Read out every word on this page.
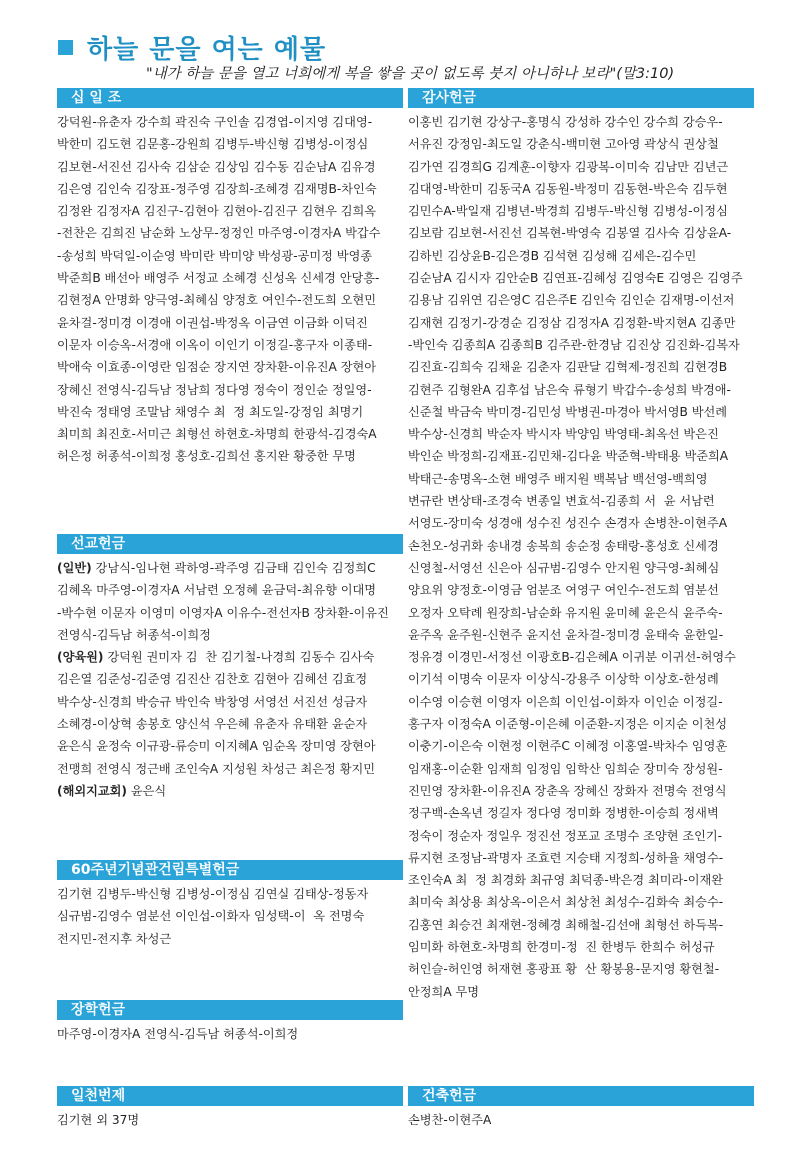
하늘 문을 여는 예물
"내가 하늘 문을 열고 너희에게 복을 쌓을 곳이 없도록 붓지 아니하나 보라"(말3:10)
십 일 조
강덕원-유춘자 강수희 곽진숙 구인솔 김경엽-이지영 김대영-
박한미 김도현 김문홍-강원희 김병두-박신형 김병성-이정심
김보현-서진선 김사숙 김삼순 김상임 김수동 김순남A 김유경
김은영 김인숙 김장표-정주영 김장희-조혜경 김재명B-차인숙
김정완 김정자A 김진구-김현아 김현아-김진구 김현우 김희옥
-전찬은 김희진 남순화 노상무-정정인 마주영-이경자A 박갑수
-송성희 박덕일-이순영 박미란 박미양 박성광-공미정 박영종
박준희B 배선아 배영주 서정교 소혜경 신성옥 신세경 안당흥-
김현정A 안명화 양극영-최혜심 양정호 여인수-전도희 오현민
윤차걸-정미경 이경애 이권섭-박정옥 이금연 이금화 이덕진
이문자 이승옥-서경애 이옥이 이인기 이정길-홍구자 이종태-
박애숙 이효종-이영란 임점순 장지연 장차환-이유진A 장현아
장혜신 전영식-김득남 정남희 정다영 정숙이 정인순 정일영-
박진숙 정태영 조말남 채영수 최  정 최도일-강정임 최명기
최미희 최진호-서미근 최형선 하현호-차명희 한광석-김경숙A
허은정 허종석-이희정 홍성호-김희선 홍지완 황중한 무명
선교헌금
(일반) 강남식-임나현 곽하영-곽주영 김금태 김인숙 김정희C
김혜옥 마주영-이경자A 서남련 오정혜 윤금덕-최유향 이대명
-박수현 이문자 이영미 이영자A 이유수-전선자B 장차환-이유진
전영식-김득남 허종석-이희정
(양육원) 강덕원 권미자 김  찬 김기철-나경희 김동수 김사숙
김은열 김준성-김준영 김진산 김찬호 김현아 김혜선 김효정
박수상-신경희 박승규 박인숙 박창영 서영선 서진선 성금자
소혜경-이상혁 송봉호 양신석 우은혜 유춘자 유태환 윤순자
윤은식 윤정숙 이규광-류승미 이지혜A 임순옥 장미영 장현아
전맹희 전영식 정근배 조인숙A 지성원 차성근 최은정 황지민
(해외지교회) 윤은식
60주년기념관건립특별헌금
김기현 김병두-박신형 김병성-이정심 김연실 김태상-정동자
심규범-김영수 염분선 이인섭-이화자 임성택-이  옥 전명숙
전지민-전지후 차성근
장학헌금
마주영-이경자A 전영식-김득남 허종석-이희정
일천번제
김기현 외 37명
감사헌금
이홍빈 김기현 강상구-홍명식 강성하 강수인 강수희 강승우-
서유진 강정임-최도일 강춘식-백미현 고아영 곽상식 권상철
김가연 김경희G 김계훈-이향자 김광복-이미숙 김남만 김년근
김대영-박한미 김동국A 김동원-박정미 김동현-박은숙 김두현
김민수A-박일재 김병년-박경희 김병두-박신형 김병성-이정심
김보람 김보현-서진선 김복현-박영숙 김봉열 김사숙 김상윤A-
김하빈 김상윤B-김은경B 김석현 김성해 김세은-김수민
김순남A 김시자 김안순B 김연표-김혜성 김영숙E 김영은 김영주
김용남 김위연 김은영C 김은주E 김인숙 김인순 김재명-이선저
김재현 김정기-강경순 김정삼 김정자A 김정환-박지현A 김종만
-박인숙 김종희A 김종희B 김주관-한경남 김진상 김진화-김복자
김진효-김희숙 김채윤 김춘자 김판달 김혁제-정진희 김현경B
김현주 김형완A 김후섭 남은숙 류형기 박갑수-송성희 박경애-
신준철 박금숙 박미경-김민성 박병권-마경아 박서영B 박선례
박수상-신경희 박순자 박시자 박양임 박영태-최옥선 박은진
박인순 박정희-김재표-김민채-김다윤 박준혁-박태용 박준희A
박태근-송명옥-소현 배영주 배지원 백복남 백선영-백희영
변규란 변상태-조경숙 변종일 변효석-김종희 서  윤 서남련
서영도-장미숙 성경애 성수진 성진수 손경자 손병찬-이현주A
손천오-성귀화 송내경 송복희 송순정 송태랑-홍성호 신세경
신영철-서영선 신은아 심규범-김영수 안지원 양극영-최혜심
양요위 양정호-이영금 엄분조 여영구 여인수-전도희 염분선
오정자 오탁례 원장희-남순화 유지원 윤미혜 윤은식 윤주숙-
윤주옥 윤주원-신현주 윤지선 윤차걸-정미경 윤태숙 윤한일-
정유경 이경민-서정선 이광호B-김은혜A 이귀분 이귀선-허영수
이기석 이명숙 이문자 이상식-강용주 이상학 이상호-한성례
이수영 이승현 이영자 이은희 이인섭-이화자 이인순 이정길-
홍구자 이정숙A 이준형-이은혜 이준환-지정은 이지순 이천성
이충기-이은숙 이현정 이현주C 이혜정 이홍열-박차수 임영훈
임재홍-이순환 임재희 임정임 임학산 임희순 장미숙 장성원-
진민영 장차환-이유진A 장춘옥 장혜신 장화자 전명숙 전영식
정구백-손옥년 정길자 정다영 정미화 정병한-이승희 정새벽
정숙이 정순자 정일우 정진선 정포교 조명수 조양현 조인기-
류지현 조정남-곽명자 조효련 지승태 지정희-성하율 채영수-
조인숙A 최  정 최경화 최규영 최덕종-박은경 최미라-이재완
최미숙 최상용 최상옥-이은서 최상천 최성수-김화숙 최승수-
김홍연 최승건 최재현-정혜경 최해철-김선애 최형선 하득복-
임미화 하현호-차명희 한경미-정  진 한병두 한희수 허성규
허인슬-허인영 허재현 홍광표 황  산 황봉용-문지영 황현철-
안정희A 무명
건축헌금
손병찬-이현주A
